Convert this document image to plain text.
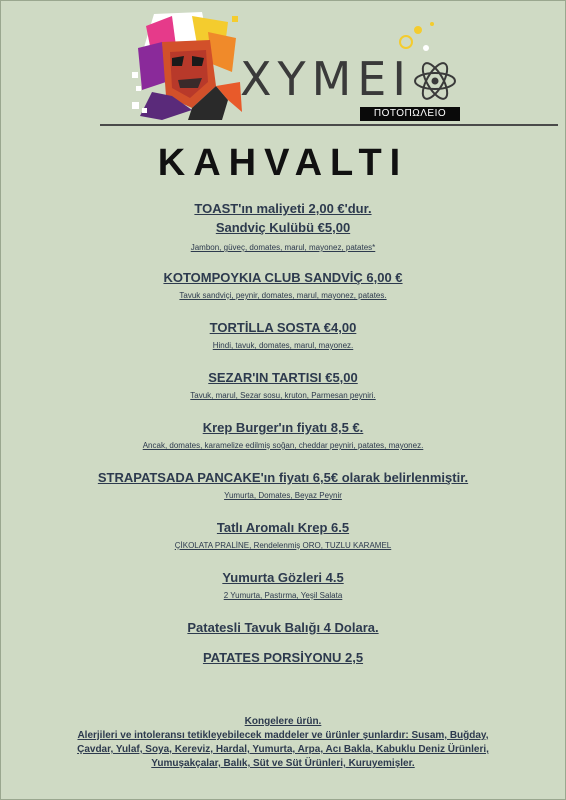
XYMEI
ΠΟΤΟΠΩΛΕΙΟ
KAHVALTI
TOAST'ın maliyeti 2,00 €'dur.
Sandviç Kulübü €5,00
Jambon, güveç, domates, marul, mayonez, patates*
KOTOMPOYKIA CLUB SANDVİÇ 6,00 €
Tavuk sandviçi, peynir, domates, marul, mayonez, patates.
TORTİLLA SOSTA €4,00
Hindi, tavuk, domates, marul, mayonez.
SEZAR'IN TARTISI €5,00
Tavuk, marul, Sezar sosu, kruton, Parmesan peyniri.
Krep Burger'ın fiyatı 8,5 €.
Ancak, domates, karamelize edilmiş soğan, cheddar peyniri, patates, mayonez.
STRAPATSADA PANCAKE'ın fiyatı 6,5€ olarak belirlenmiştir.
Yumurta, Domates, Beyaz Peynir
Tatlı Aromalı Krep 6.5
ÇİKOLATA PRALİNE, Rendelenmiş ORO, TUZLU KARAMEL
Yumurta Gözleri 4.5
2 Yumurta, Pastırma, Yeşil Salata
Patatesli Tavuk Balığı 4 Dolara.
PATATES PORSİYONU 2,5
Kongelere ürün.
Alerjileri ve intoleransı tetikleyebilecek maddeler ve ürünler şunlardır: Susam, Buğday, Çavdar, Yulaf, Soya, Kereviz, Hardal, Yumurta, Arpa, Acı Bakla, Kabuklu Deniz Ürünleri, Yumuşakçalar, Balık, Süt ve Süt Ürünleri, Kuruyemişler.
